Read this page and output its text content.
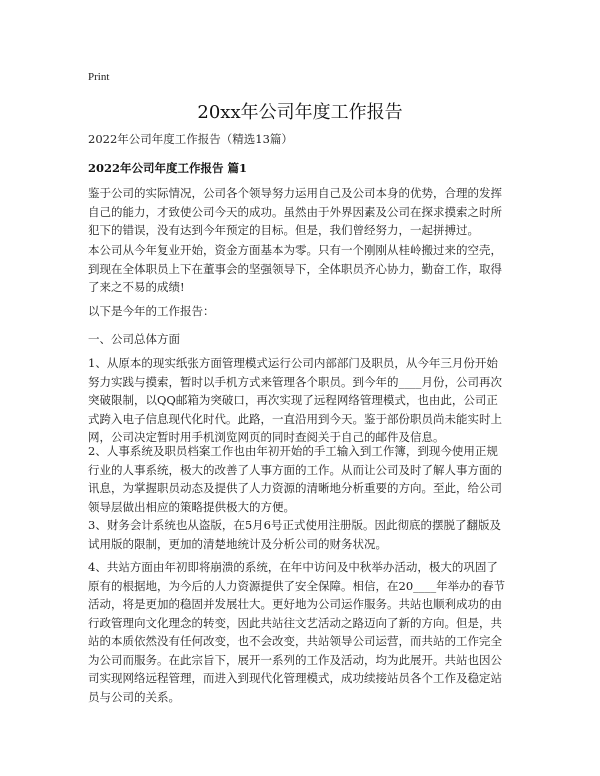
Print
20xx年公司年度工作报告
2022年公司年度工作报告（精选13篇）
2022年公司年度工作报告 篇1

鉴于公司的实际情况，公司各个领导努力运用自己及公司本身的优势，合理的发挥
自己的能力，才致使公司今天的成功。虽然由于外界因素及公司在探求摸索之时所
犯下的错误，没有达到今年预定的目标。但是，我们曾经努力，一起拼搏过。

本公司从今年复业开始，资金方面基本为零。只有一个刚刚从桂岭搬过来的空壳，
到现在全体职员上下在董事会的坚强领导下，全体职员齐心协力，勤奋工作，取得
了来之不易的成绩!

以下是今年的工作报告：

一、公司总体方面

1、从原本的现实纸张方面管理模式运行公司内部部门及职员，从今年三月份开始
努力实践与摸索，暂时以手机方式来管理各个职员。到今年的____月份，公司再次
突破限制，以QQ邮箱为突破口，再次实现了远程网络管理模式，也由此，公司正
式跨入电子信息现代化时代。此路，一直沿用到今天。鉴于部份职员尚未能实时上
网，公司决定暂时用手机浏览网页的同时查阅关于自己的邮件及信息。

2、人事系统及职员档案工作也由年初开始的手工输入到工作簿，到现今使用正规
行业的人事系统，极大的改善了人事方面的工作。从而让公司及时了解人事方面的
讯息，为掌握职员动态及提供了人力资源的清晰地分析重要的方向。至此，给公司
领导层做出相应的策略提供极大的方便。

3、财务会计系统也从盗版，在5月6号正式使用注册版。因此彻底的摆脱了翻版及
试用版的限制，更加的清楚地统计及分析公司的财务状况。

4、共站方面由年初即将崩溃的系统，在年中访问及中秋举办活动，极大的巩固了
原有的根据地，为今后的人力资源提供了安全保障。相信，在20____年举办的春节
活动，将是更加的稳固并发展壮大。更好地为公司运作服务。共站也顺利成功的由
行政管理向文化理念的转变，因此共站往文艺活动之路迈向了新的方向。但是，共
站的本质依然没有任何改变，也不会改变，共站领导公司运营，而共站的工作完全
为公司而服务。在此宗旨下，展开一系列的工作及活动，均为此展开。共站也因公
司实现网络远程管理，而进入到现代化管理模式，成功续接站员各个工作及稳定站
员与公司的关系。
